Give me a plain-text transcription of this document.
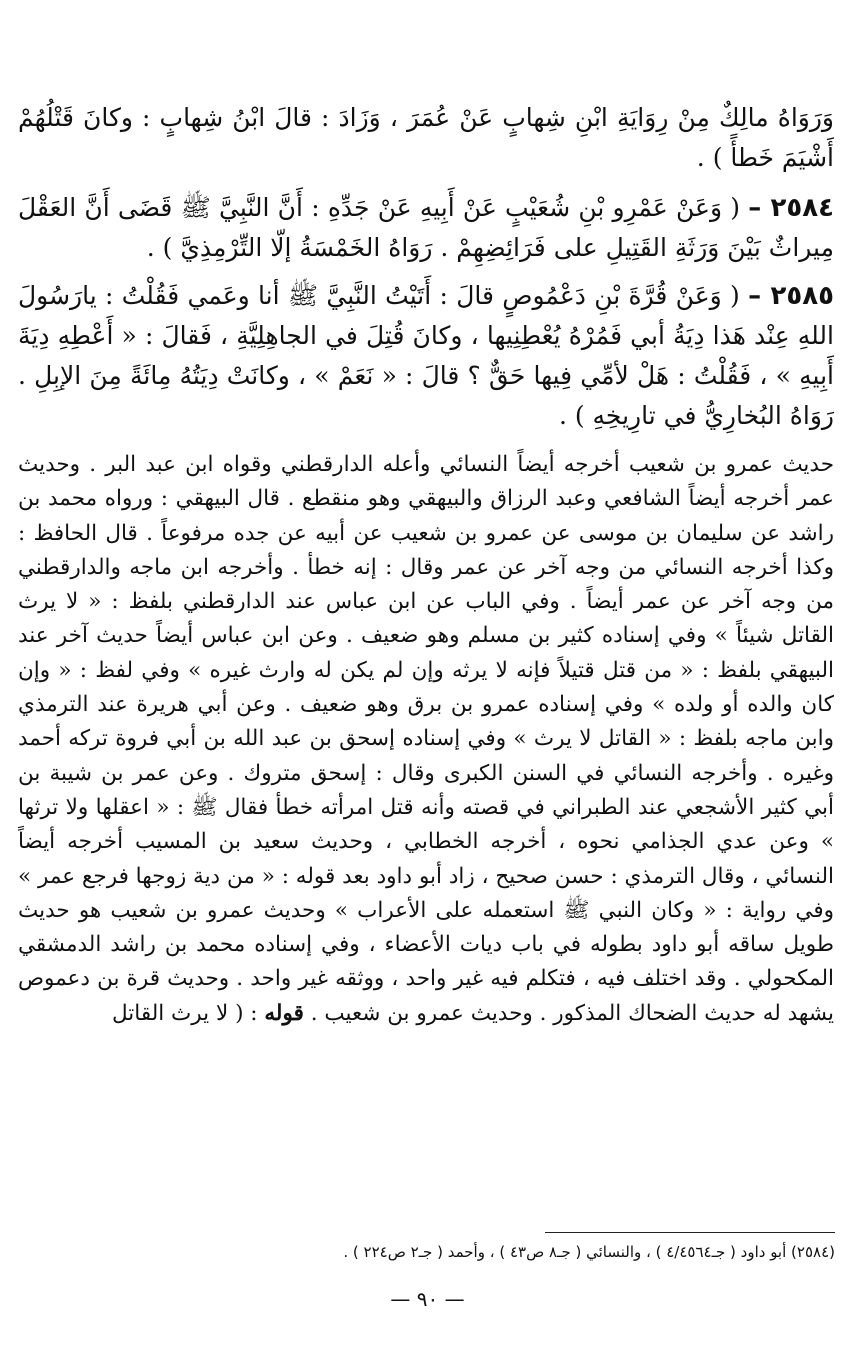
وَرَوَاهُ مالِكٌ مِنْ رِوَايَةِ ابْنِ شِهابٍ عَنْ عُمَرَ ، وَزَادَ : قالَ ابْنُ شِهابٍ : وكانَ قَتْلُهُمْ أَشْيَمَ خَطأً ) .

٢٥٨٤ – ( وَعَنْ عَمْرِو بْنِ شُعَيْبٍ عَنْ أَبِيهِ عَنْ جَدِّهِ : أَنَّ النَّبِيَّ ﷺ قَضَى أَنَّ العَقْلَ مِيراثٌ بَيْنَ وَرَثَةِ القَتِيلِ على فَرَائِضِهِمْ . رَوَاهُ الخَمْسَةُ إلّا التِّرْمِذِيَّ ) .

٢٥٨٥ – ( وَعَنْ قُرَّةَ بْنِ دَعْمُوصٍ قالَ : أَتَيْتُ النَّبِيَّ ﷺ أنا وعَمي فَقُلْتُ : يارَسُولَ اللهِ عِنْد هَذا دِيَةُ أبي فَمُرْهُ يُعْطِنِيها ، وكانَ قُتِلَ في الجاهِلِيَّةِ ، فَقالَ : « أَعْطِهِ دِيَةَ أَبِيهِ » ، فَقُلْتُ : هَلْ لأمِّي فِيها حَقٌّ ؟ قالَ : « نَعَمْ » ، وكانَتْ دِيَتُهُ مِائَةً مِنَ الإبِلِ . رَوَاهُ البُخارِيُّ في تارِيخِهِ ) .

حديث عمرو بن شعيب أخرجه أيضاً النسائي وأعله الدارقطني وقواه ابن عبد البر . وحديث عمر أخرجه أيضاً الشافعي وعبد الرزاق والبيهقي وهو منقطع . قال البيهقي : ورواه محمد بن راشد عن سليمان بن موسى عن عمرو بن شعيب عن أبيه عن جده مرفوعاً . قال الحافظ : وكذا أخرجه النسائي من وجه آخر عن عمر وقال : إنه خطأ . وأخرجه ابن ماجه والدارقطني من وجه آخر عن عمر أيضاً . وفي الباب عن ابن عباس عند الدارقطني بلفظ : « لا يرث القاتل شيئاً » وفي إسناده كثير بن مسلم وهو ضعيف . وعن ابن عباس أيضاً حديث آخر عند البيهقي بلفظ : « من قتل قتيلاً فإنه لا يرثه وإن لم يكن له وارث غيره » وفي لفظ : « وإن كان والده أو ولده » وفي إسناده عمرو بن برق وهو ضعيف . وعن أبي هريرة عند الترمذي وابن ماجه بلفظ : « القاتل لا يرث » وفي إسناده إسحق بن عبد الله بن أبي فروة تركه أحمد وغيره . وأخرجه النسائي في السنن الكبرى وقال : إسحق متروك . وعن عمر بن شيبة بن أبي كثير الأشجعي عند الطبراني في قصته وأنه قتل امرأته خطأ فقال ﷺ : « اعقلها ولا ترثها » وعن عدي الجذامي نحوه ، أخرجه الخطابي ، وحديث سعيد بن المسيب أخرجه أيضاً النسائي ، وقال الترمذي : حسن صحيح ، زاد أبو داود بعد قوله : « من دية زوجها فرجع عمر » وفي رواية : « وكان النبي ﷺ استعمله على الأعراب » وحديث عمرو بن شعيب هو حديث طويل ساقه أبو داود بطوله في باب ديات الأعضاء ، وفي إسناده محمد بن راشد الدمشقي المكحولي . وقد اختلف فيه ، فتكلم فيه غير واحد ، ووثقه غير واحد . وحديث قرة بن دعموص يشهد له حديث الضحاك المذكور . وحديث عمرو بن شعيب . قوله : ( لا يرث القاتل
(٢٥٨٤) أبو داود ( جـ٤/٤٥٦٤ ) ، والنسائي ( جـ٨ ص٤٣ ) ، وأحمد ( جـ٢ ص٢٢٤ ) .
— ٩٠ —
